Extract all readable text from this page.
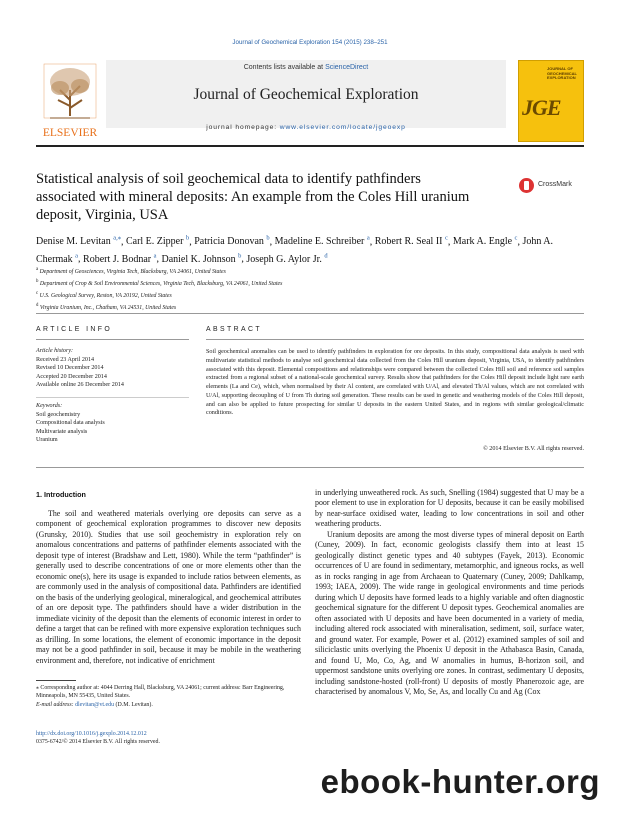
Journal of Geochemical Exploration 154 (2015) 238–251
ELSEVIER
Contents lists available at ScienceDirect
Journal of Geochemical Exploration
journal homepage: www.elsevier.com/locate/jgeoexp
JOURNAL OF GEOCHEMICAL EXPLORATION
JGE
Statistical analysis of soil geochemical data to identify pathfinders associated with mineral deposits: An example from the Coles Hill uranium deposit, Virginia, USA
CrossMark
Denise M. Levitan $^{a,⁎}$, Carl E. Zipper $^b$, Patricia Donovan $^b$, Madeline E. Schreiber $^a$, Robert R. Seal II $^c$, Mark A. Engle $^c$, John A. Chermak $^a$, Robert J. Bodnar $^a$, Daniel K. Johnson $^b$, Joseph G. Aylor Jr. $^d$
$^a$ Department of Geosciences, Virginia Tech, Blacksburg, VA 24061, United States
$^b$ Department of Crop & Soil Environmental Sciences, Virginia Tech, Blacksburg, VA 24061, United States
$^c$ U.S. Geological Survey, Reston, VA 20192, United States
$^d$ Virginia Uranium, Inc., Chatham, VA 24531, United States
ARTICLE INFO	ABSTRACT
Article history:
Received 23 April 2014
Revised 10 December 2014
Accepted 20 December 2014
Available online 26 December 2014
Keywords:
Soil geochemistry
Compositional data analysis
Multivariate analysis
Uranium
Soil geochemical anomalies can be used to identify pathfinders in exploration for ore deposits. In this study, compositional data analysis is used with multivariate statistical methods to analyse soil geochemical data collected from the Coles Hill uranium deposit, Virginia, USA, to identify pathfinders associated with this deposit. Elemental compositions and relationships were compared between the collected Coles Hill soil and reference soil samples extracted from a regional subset of a national-scale geochemical survey. Results show that pathfinders for the Coles Hill deposit include light rare earth elements (La and Ce), which, when normalised by their Al content, are correlated with U/Al, and elevated Th/Al values, which are not correlated with U/Al, supporting decoupling of U from Th during soil generation. These results can be used in genetic and weathering models of the Coles Hill deposit, and can also be applied to future prospecting for similar U deposits in the eastern United States, and in regions with similar geological/climatic conditions.
© 2014 Elsevier B.V. All rights reserved.
1. Introduction

The soil and weathered materials overlying ore deposits can serve as a component of geochemical exploration programmes to discover new deposits (Grunsky, 2010). Studies that use soil geochemistry in exploration rely on anomalous concentrations and patterns of pathfinder elements associated with the deposit type of interest (Bradshaw and Lett, 1980). While the term “pathfinder” is generally used to describe concentrations of one or more elements other than the economic one(s), here its usage is expanded to include ratios between elements, as are commonly used in the analysis of compositional data. Pathfinders are identified on the basis of the underlying geological, mineralogical, and geochemical attributes of an ore deposit type. The pathfinders should have a wider distribution in the immediate vicinity of the deposit than the elements of economic interest in order to define a target that can be refined with more expensive exploration techniques such as drilling. In some locations, the element of economic importance in the deposit may not be a good pathfinder in soil, because it may be mobile in the weathering environment and, therefore, not indicative of enrichment

in underlying unweathered rock. As such, Snelling (1984) suggested that U may be a poor element to use in exploration for U deposits, because it can be easily mobilised by near-surface oxidised water, leading to low concentrations in soil and other weathering products.

Uranium deposits are among the most diverse types of mineral deposit on Earth (Cuney, 2009). In fact, economic geologists classify them into at least 15 geologically distinct genetic types and 40 subtypes (Fayek, 2013). Economic occurrences of U are found in sedimentary, metamorphic, and igneous rocks, as well as in rocks ranging in age from Archaean to Quaternary (Cuney, 2009; Dahlkamp, 1993; IAEA, 2009). The wide range in geological environments and time periods during which U deposits have formed leads to a highly variable and often diagnostic geochemical signature for the different U deposit types. Geochemical anomalies are often associated with U deposits and have been documented in a variety of media, including altered rock associated with mineralisation, sediment, soil, surface water, and ground water. For example, Power et al. (2012) examined samples of soil and siliciclastic units overlying the Phoenix U deposit in the Athabasca Basin, Canada, and found U, Mo, Co, Ag, and W anomalies in humus, B-horizon soil, and uppermost sandstone units overlying ore zones. In contrast, sedimentary U deposits, including sandstone-hosted (roll-front) U deposits of mostly Phanerozoic age, are characterised by anomalous V, Mo, Se, As, and locally Cu and Ag (Cox

⁎ Corresponding author at: 4044 Derring Hall, Blacksburg, VA 24061; current address: Barr Engineering, Minneapolis, MN 55435, United States.
E-mail address: dlevitan@vt.edu (D.M. Levitan).
http://dx.doi.org/10.1016/j.gexplo.2014.12.012
0375-6742/© 2014 Elsevier B.V. All rights reserved.
ebook-hunter.org
